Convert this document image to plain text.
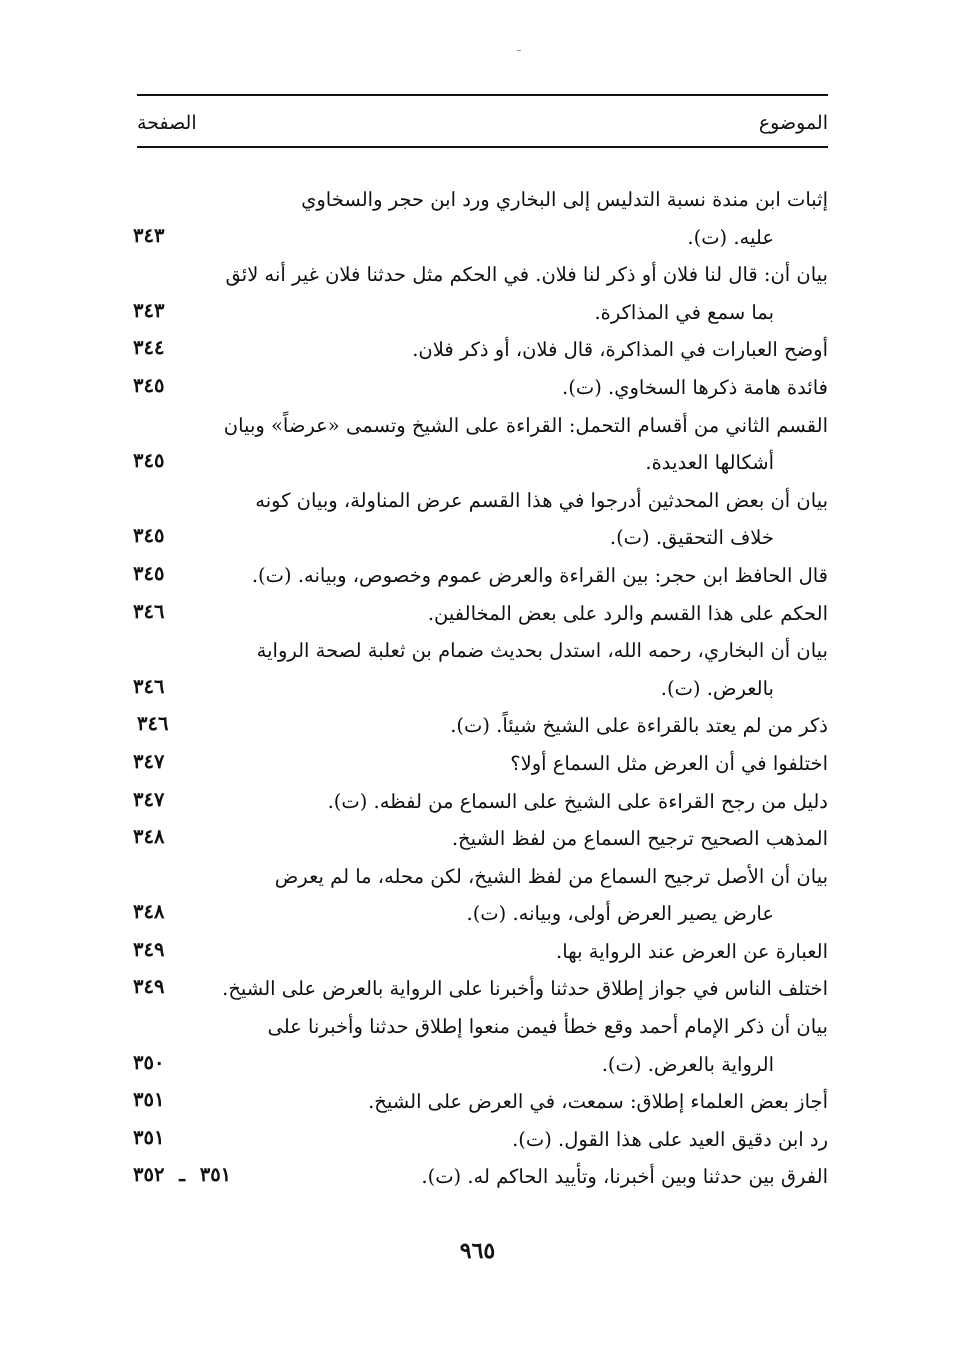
الموضوع
الصفحة
إثبات ابن مندة نسبة التدليس إلى البخاري ورد ابن حجر والسخاوي
عليه. (ت).
٣٤٣
بيان أن: قال لنا فلان أو ذكر لنا فلان. في الحكم مثل حدثنا فلان غير أنه لائق
بما سمع في المذاكرة.
٣٤٣
أوضح العبارات في المذاكرة، قال فلان، أو ذكر فلان.
٣٤٤
فائدة هامة ذكرها السخاوي. (ت).
٣٤٥
القسم الثاني من أقسام التحمل: القراءة على الشيخ وتسمى «عرضاً» وبيان
أشكالها العديدة.
٣٤٥
بيان أن بعض المحدثين أدرجوا في هذا القسم عرض المناولة، وبيان كونه
خلاف التحقيق. (ت).
٣٤٥
قال الحافظ ابن حجر: بين القراءة والعرض عموم وخصوص، وبيانه. (ت).
٣٤٥
الحكم على هذا القسم والرد على بعض المخالفين.
٣٤٦
بيان أن البخاري، رحمه الله، استدل بحديث ضمام بن ثعلبة لصحة الرواية
بالعرض. (ت).
٣٤٦
ذكر من لم يعتد بالقراءة على الشيخ شيئاً. (ت).
٣٤٦
اختلفوا في أن العرض مثل السماع أولا؟
٣٤٧
دليل من رجح القراءة على الشيخ على السماع من لفظه. (ت).
٣٤٧
المذهب الصحيح ترجيح السماع من لفظ الشيخ.
٣٤٨
بيان أن الأصل ترجيح السماع من لفظ الشيخ، لكن محله، ما لم يعرض
عارض يصير العرض أولى، وبيانه. (ت).
٣٤٨
العبارة عن العرض عند الرواية بها.
٣٤٩
اختلف الناس في جواز إطلاق حدثنا وأخبرنا على الرواية بالعرض على الشيخ.
٣٤٩
بيان أن ذكر الإمام أحمد وقع خطأ فيمن منعوا إطلاق حدثنا وأخبرنا على
الرواية بالعرض. (ت).
٣٥٠
أجاز بعض العلماء إطلاق: سمعت، في العرض على الشيخ.
٣٥١
رد ابن دقيق العيد على هذا القول. (ت).
٣٥١
الفرق بين حدثنا وبين أخبرنا، وتأييد الحاكم له. (ت).
٣٥١ ـ ٣٥٢
٩٦٥
